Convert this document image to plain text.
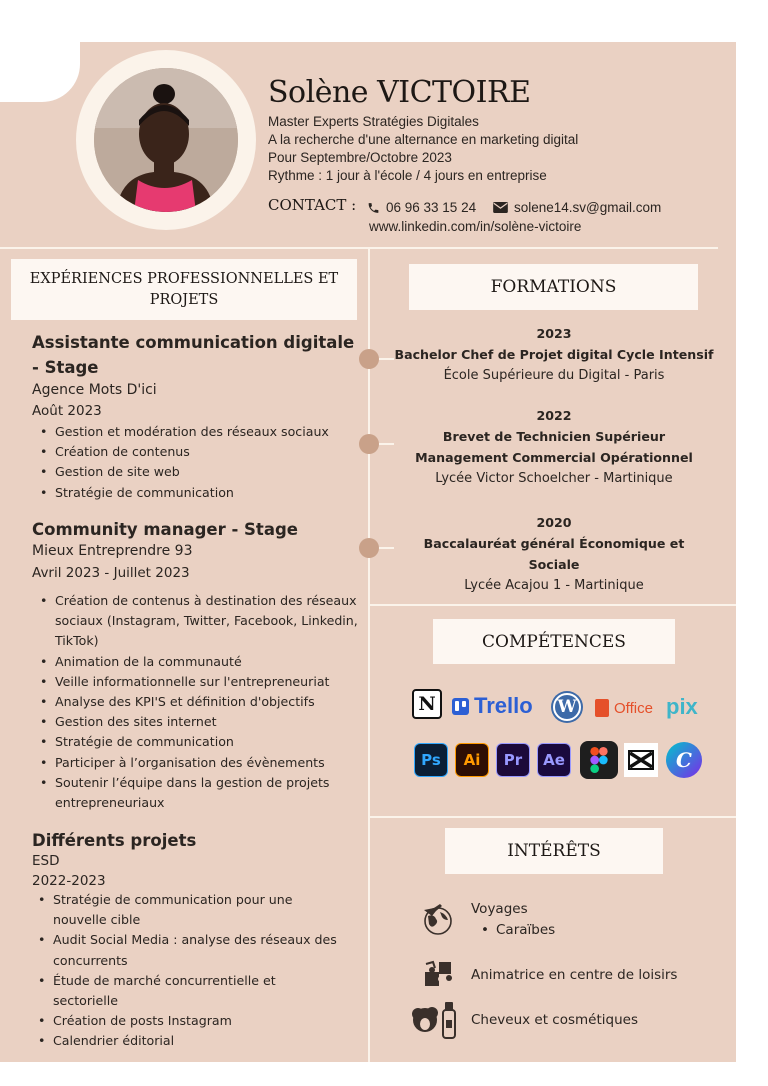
Solène VICTOIRE
Master Experts Stratégies Digitales
A la recherche d'une alternance en marketing digital
Pour Septembre/Octobre 2023
Rythme : 1 jour à l'école / 4 jours en entreprise
CONTACT : 06 96 33 15 24	solene14.sv@gmail.com
www.linkedin.com/in/solène-victoire
EXPÉRIENCES PROFESSIONNELLES ET PROJETS
Assistante communication digitale - Stage
Agence Mots D'ici
Août 2023
• Gestion et modération des réseaux sociaux
• Création de contenus
• Gestion de site web
• Stratégie de communication
Community manager - Stage
Mieux Entreprendre 93
Avril 2023 - Juillet 2023
• Création de contenus à destination des réseaux sociaux (Instagram, Twitter, Facebook, Linkedin, TikTok)
• Animation de la communauté
• Veille informationnelle sur l'entrepreneuriat
• Analyse des KPI'S et définition d'objectifs
• Gestion des sites internet
• Stratégie de communication
• Participer à l’organisation des évènements
• Soutenir l’équipe dans la gestion de projets entrepreneuriaux
Différents projets
ESD
2022-2023
• Stratégie de communication pour une nouvelle cible
• Audit Social Media : analyse des réseaux des concurrents
• Étude de marché concurrentielle et sectorielle
• Création de posts Instagram
• Calendrier éditorial
FORMATIONS
2023
Bachelor Chef de Projet digital Cycle Intensif
École Supérieure du Digital - Paris
2022
Brevet de Technicien Supérieur
Management Commercial Opérationnel
Lycée Victor Schoelcher - Martinique
2020
Baccalauréat général Économique et
Sociale
Lycée Acajou 1 - Martinique
COMPÉTENCES
N Trello W Office pix
Ps	Ai	Pr	Ae	C
INTÉRÊTS
Voyages
• Caraïbes
Animatrice en centre de loisirs
Cheveux et cosmétiques
